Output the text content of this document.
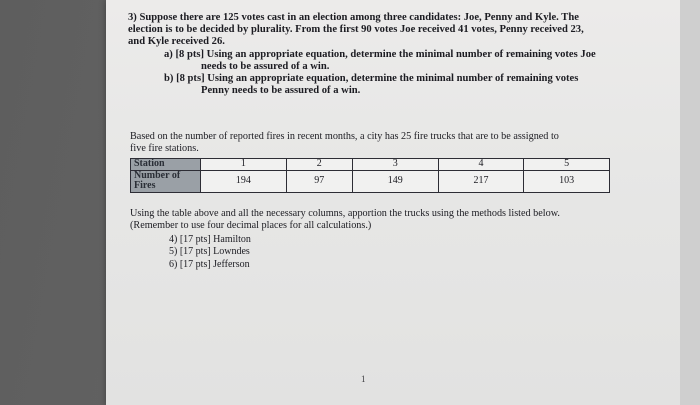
3) Suppose there are 125 votes cast in an election among three candidates: Joe, Penny and Kyle. The

election is to be decided by plurality. From the first 90 votes Joe received 41 votes, Penny received 23,

and Kyle received 26.

a) [8 pts] Using an appropriate equation, determine the minimal number of remaining votes Joe

needs to be assured of a win.

b) [8 pts] Using an appropriate equation, determine the minimal number of remaining votes

Penny needs to be assured of a win.

Based on the number of reported fires in recent months, a city has 25 fire trucks that are to be assigned to

five fire stations.

Station	1	2	3	4	5
Number of Fires	194	97	149	217	103

Using the table above and all the necessary columns, apportion the trucks using the methods listed below.

(Remember to use four decimal places for all calculations.)

4) [17 pts] Hamilton
5) [17 pts] Lowndes
6) [17 pts] Jefferson
1
